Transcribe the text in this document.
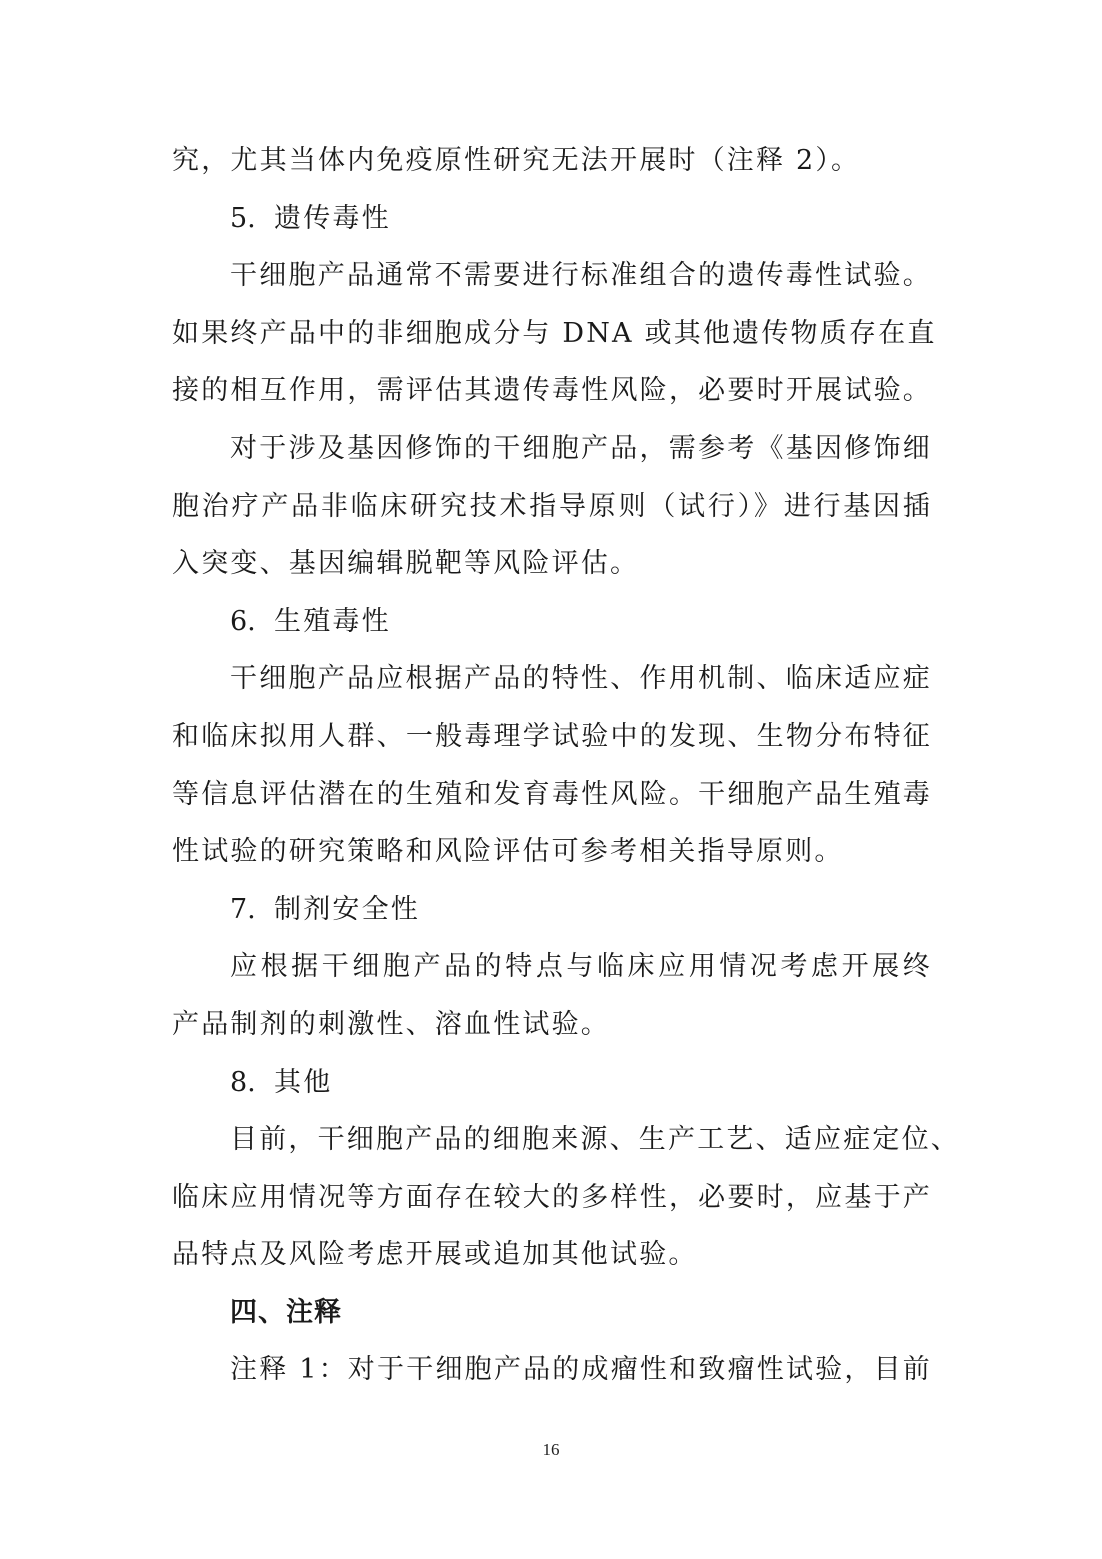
究，尤其当体内免疫原性研究无法开展时（注释 2）。
5. 遗传毒性
干细胞产品通常不需要进行标准组合的遗传毒性试验。
如果终产品中的非细胞成分与 DNA 或其他遗传物质存在直
接的相互作用，需评估其遗传毒性风险，必要时开展试验。
对于涉及基因修饰的干细胞产品，需参考《基因修饰细
胞治疗产品非临床研究技术指导原则（试行）》进行基因插
入突变、基因编辑脱靶等风险评估。
6. 生殖毒性
干细胞产品应根据产品的特性、作用机制、临床适应症
和临床拟用人群、一般毒理学试验中的发现、生物分布特征
等信息评估潜在的生殖和发育毒性风险。干细胞产品生殖毒
性试验的研究策略和风险评估可参考相关指导原则。
7. 制剂安全性
应根据干细胞产品的特点与临床应用情况考虑开展终
产品制剂的刺激性、溶血性试验。
8. 其他
目前，干细胞产品的细胞来源、生产工艺、适应症定位、
临床应用情况等方面存在较大的多样性，必要时，应基于产
品特点及风险考虑开展或追加其他试验。
四、注释
注释 1：对于干细胞产品的成瘤性和致瘤性试验，目前
16
